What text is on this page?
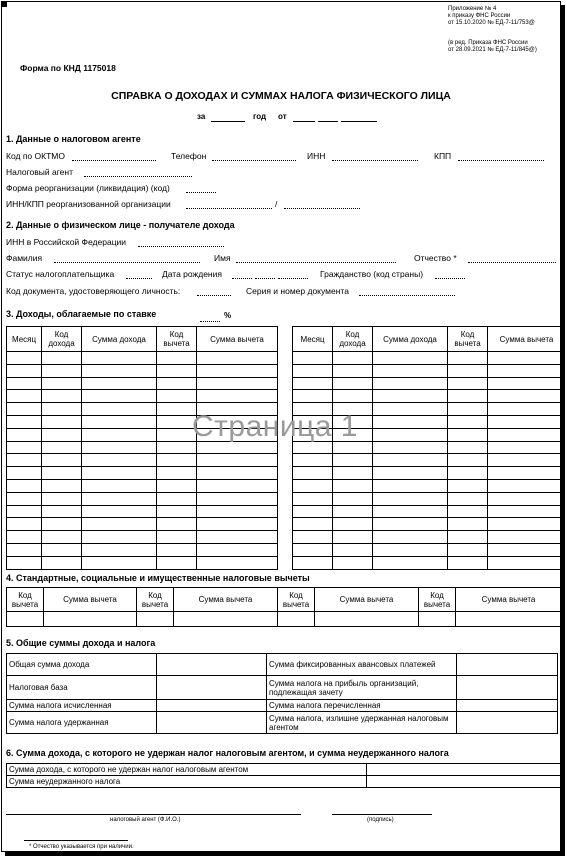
Приложение № 4
к приказу ФНС России
от 15.10.2020 № ЕД-7-11/753@
(в ред. Приказа ФНС России
от 28.09.2021 № ЕД-7-11/845@)
Форма по КНД 1175018
СПРАВКА О ДОХОДАХ И СУММАХ НАЛОГА ФИЗИЧЕСКОГО ЛИЦА
за	год от
1. Данные о налоговом агенте
Код по ОКТМО	Телефон	ИНН	КПП
Налоговый агент
Форма реорганизации (ликвидация) (код)
ИНН/КПП реорганизованной организации	/
2. Данные о физическом лице - получателе дохода
ИНН в Российской Федерации
Фамилия	Имя	Отчество *
Статус налогоплательщика	Дата рождения	Гражданство (код страны)
Код документа, удостоверяющего личность:	Серия и номер документа
3. Доходы, облагаемые по ставке	%
Месяц	Код дохода	Сумма дохода	Код вычета	Сумма вычета

					Месяц	Код дохода	Сумма дохода	Код вычета	Сумма вычета

Страница 1
4. Стандартные, социальные и имущественные налоговые вычеты
Код вычета	Сумма вычета	Код вычета	Сумма вычета	Код вычета	Сумма вычета	Код вычета	Сумма вычета

5. Общие суммы дохода и налога
Общая сумма дохода		Сумма фиксированных авансовых платежей	
Налоговая база		Сумма налога на прибыль организаций, подлежащая зачету	
Сумма налога исчисленная		Сумма налога перечисленная	
Сумма налога удержанная		Сумма налога, излишне удержанная налоговым агентом	
6. Сумма дохода, с которого не удержан налог налоговым агентом, и сумма неудержанного налога
Сумма дохода, с которого не удержан налог налоговым агентом	
Сумма неудержанного налога	
налоговый агент (Ф.И.О.)	(подпись)
* Отчество указывается при наличии.
